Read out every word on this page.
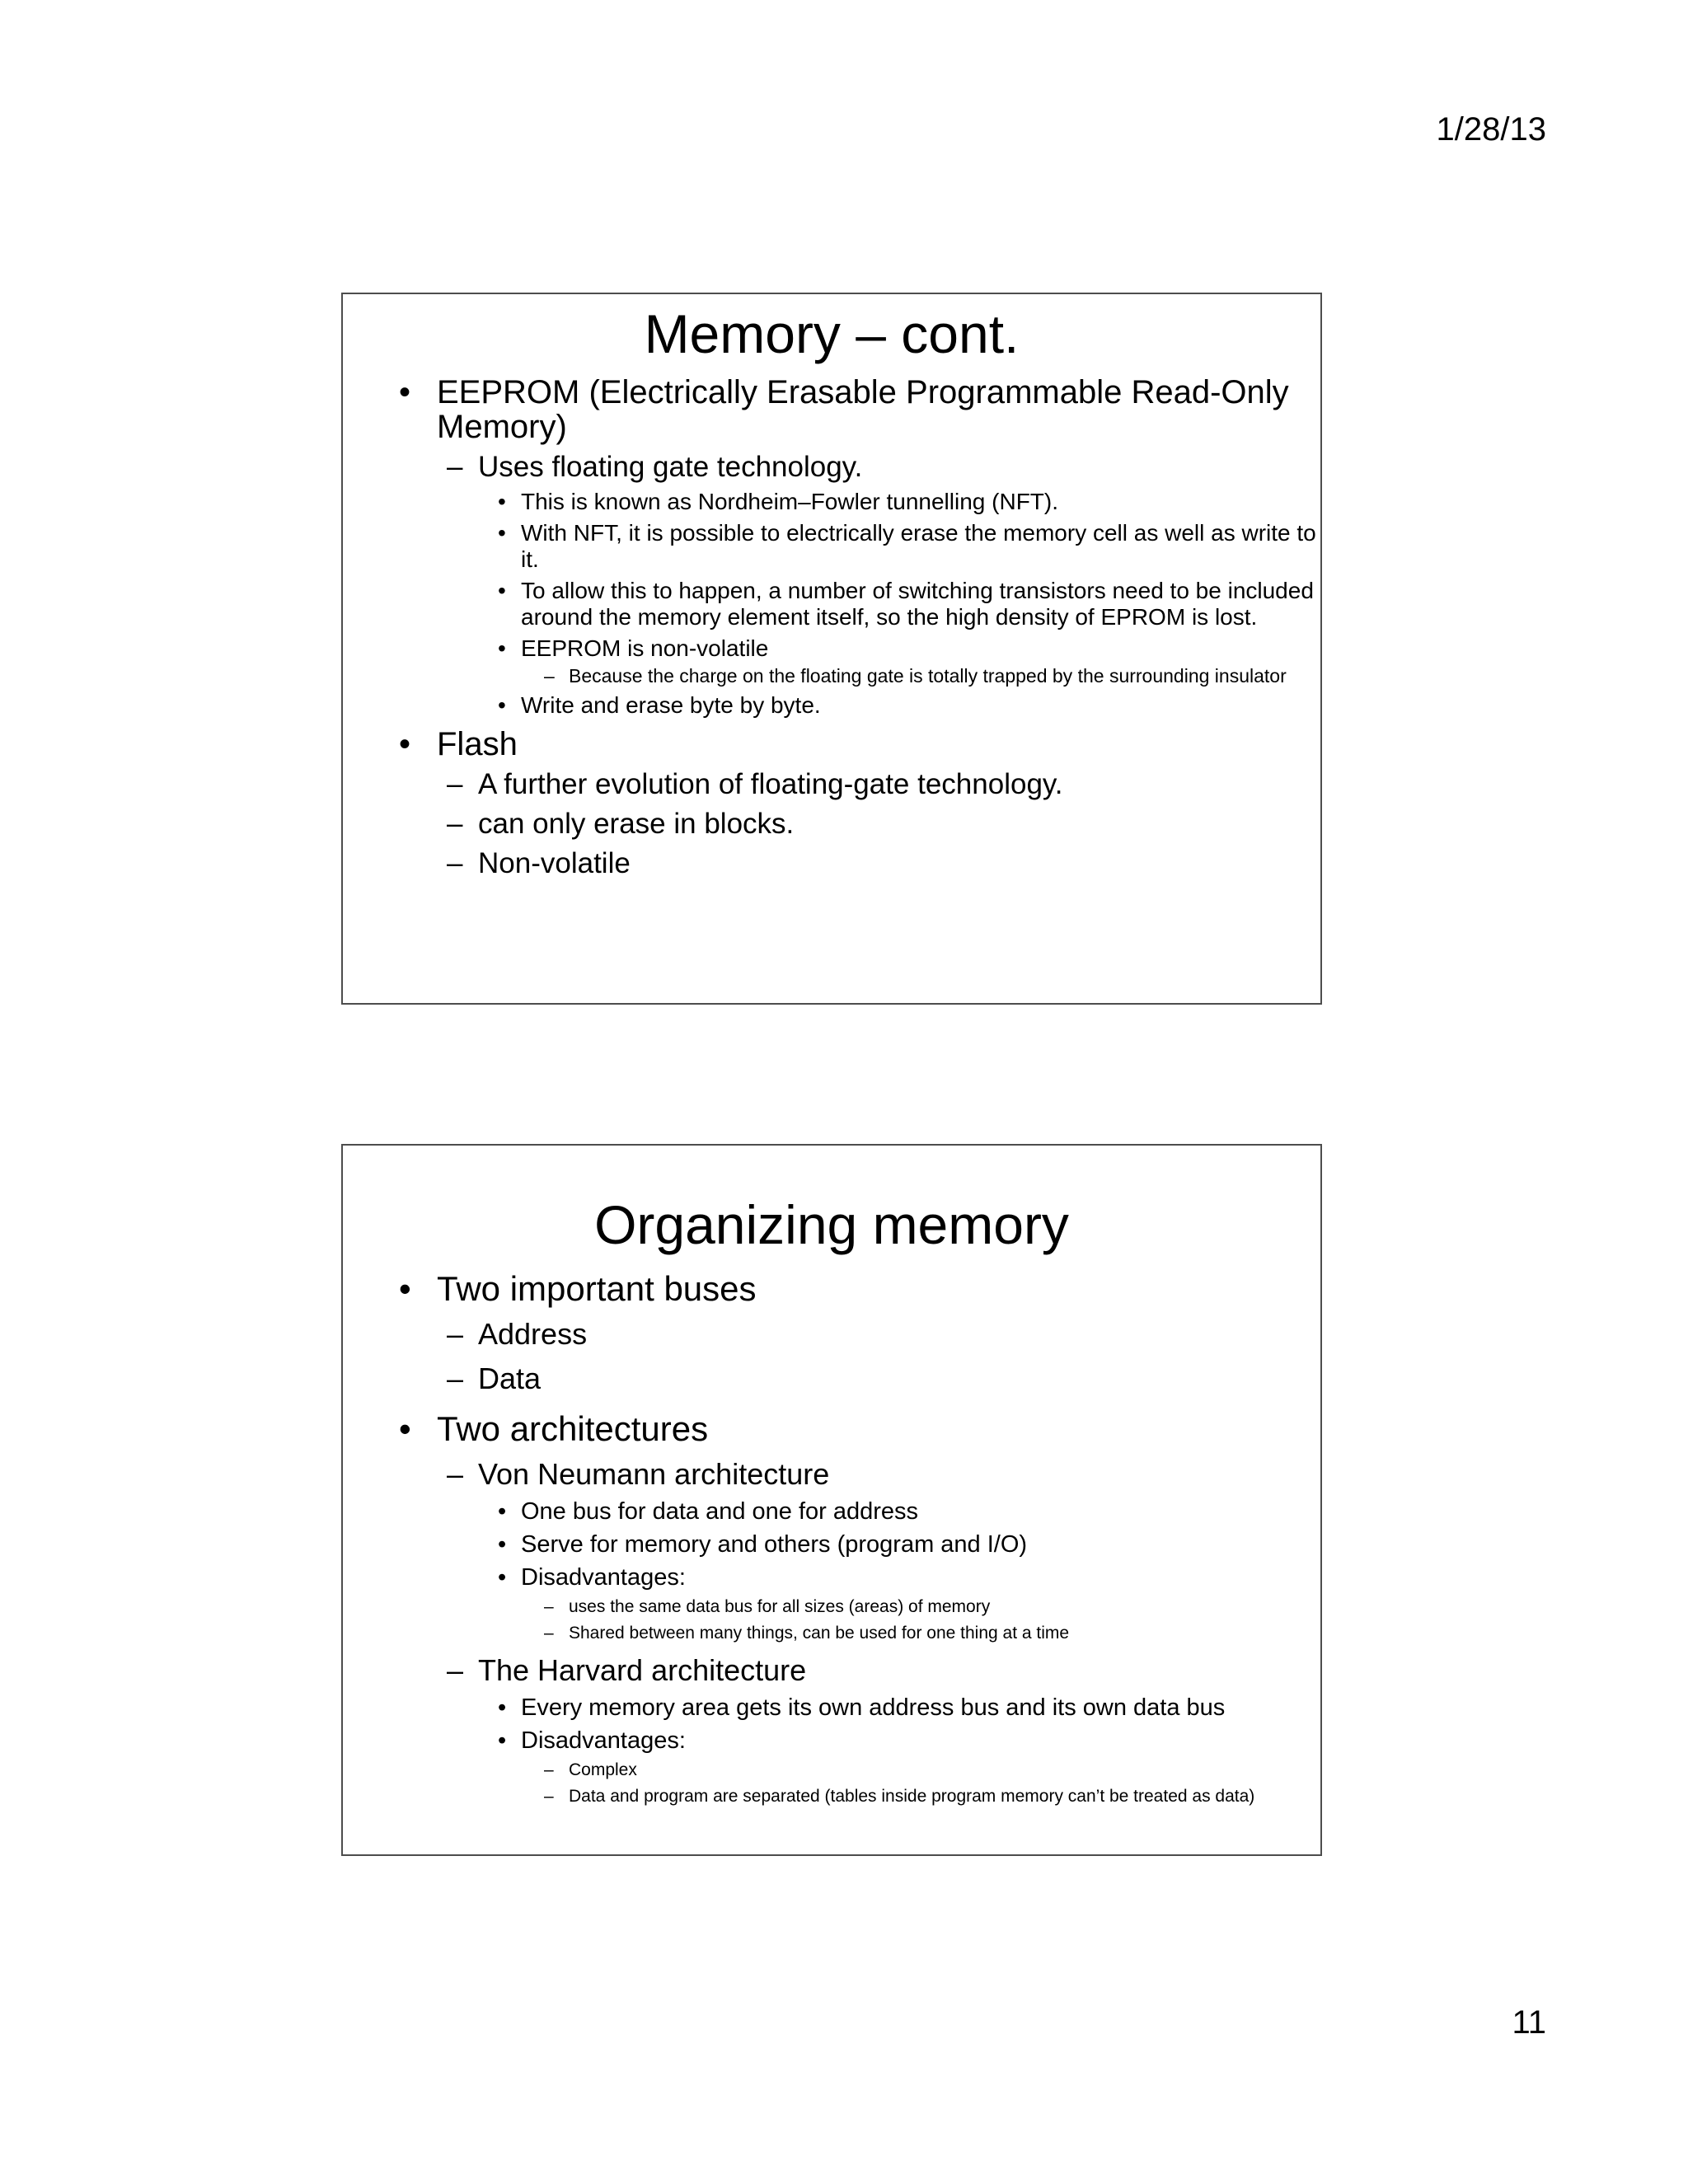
1/28/13
Memory – cont.
• EEPROM (Electrically Erasable Programmable Read-Only Memory)
– Uses floating gate technology.
• This is known as Nordheim–Fowler tunnelling (NFT).
• With NFT, it is possible to electrically erase the memory cell as well as write to it.
• To allow this to happen, a number of switching transistors need to be included around the memory element itself, so the high density of EPROM is lost.
• EEPROM is non-volatile
– Because the charge on the floating gate is totally trapped by the surrounding insulator
• Write and erase byte by byte.
• Flash
– A further evolution of floating-gate technology.
– can only erase in blocks.
– Non-volatile
Organizing memory
• Two important buses
– Address
– Data
• Two architectures
– Von Neumann architecture
• One bus for data and one for address
• Serve for memory and others (program and I/O)
• Disadvantages:
– uses the same data bus for all sizes (areas) of memory
– Shared between many things, can be used for one thing at a time
– The Harvard architecture
• Every memory area gets its own address bus and its own data bus
• Disadvantages:
– Complex
– Data and program are separated (tables inside program memory can’t be treated as data)
11
